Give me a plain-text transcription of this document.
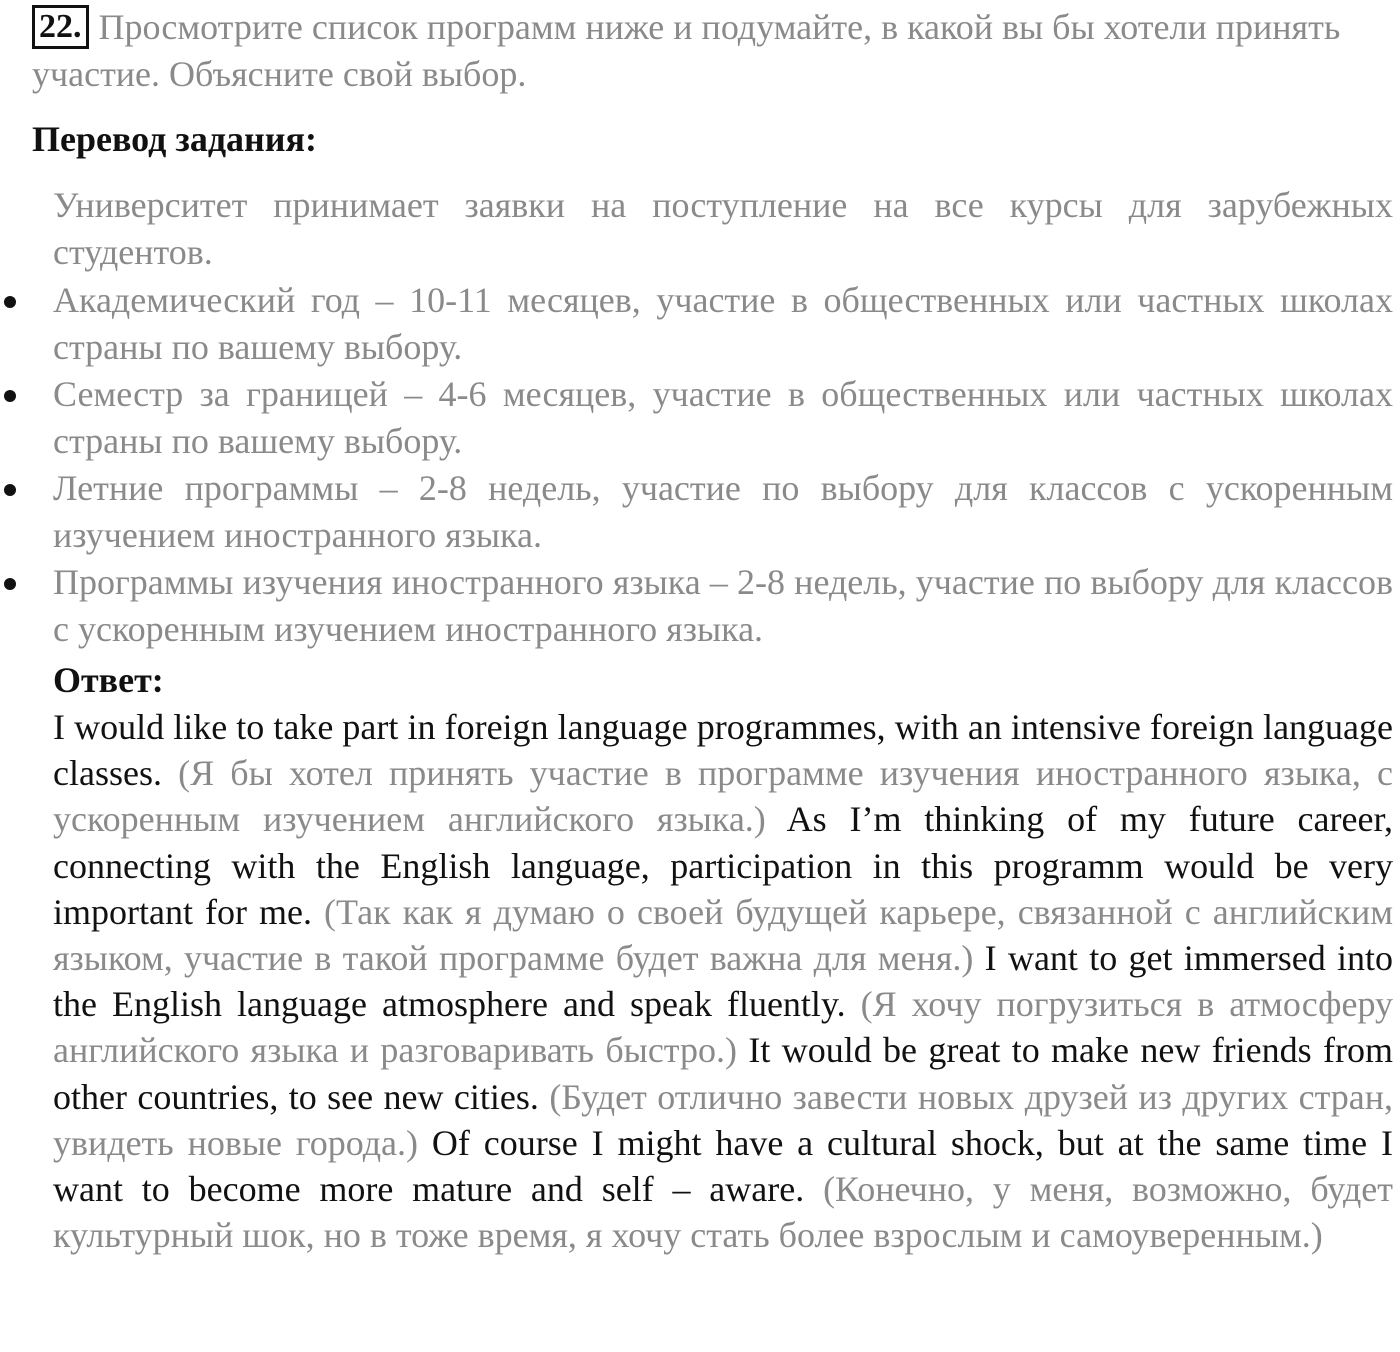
22. Просмотрите список программ ниже и подумайте, в какой вы бы хотели принять участие. Объясните свой выбор.
Перевод задания:
Университет принимает заявки на поступление на все курсы для зарубежных студентов.
Академический год – 10-11 месяцев, участие в общественных или частных школах страны по вашему выбору.
Семестр за границей – 4-6 месяцев, участие в общественных или частных школах страны по вашему выбору.
Летние программы – 2-8 недель, участие по выбору для классов с ускоренным изучением иностранного языка.
Программы изучения иностранного языка – 2-8 недель, участие по выбору для классов с ускоренным изучением иностранного языка.
Ответ:
I would like to take part in foreign language programmes, with an intensive foreign language classes. (Я бы хотел принять участие в программе изучения иностранного языка, с ускоренным изучением английского языка.) As I’m thinking of my future career, connecting with the English language, participation in this programm would be very important for me. (Так как я думаю о своей будущей карьере, связанной с английским языком, участие в такой программе будет важна для меня.) I want to get immersed into the English language atmosphere and speak fluently. (Я хочу погрузиться в атмосферу английского языка и разговаривать быстро.) It would be great to make new friends from other countries, to see new cities. (Будет отлично завести новых друзей из других стран, увидеть новые города.) Of course I might have a cultural shock, but at the same time I want to become more mature and self – aware. (Конечно, у меня, возможно, будет культурный шок, но в тоже время, я хочу стать более взрослым и самоуверенным.)
